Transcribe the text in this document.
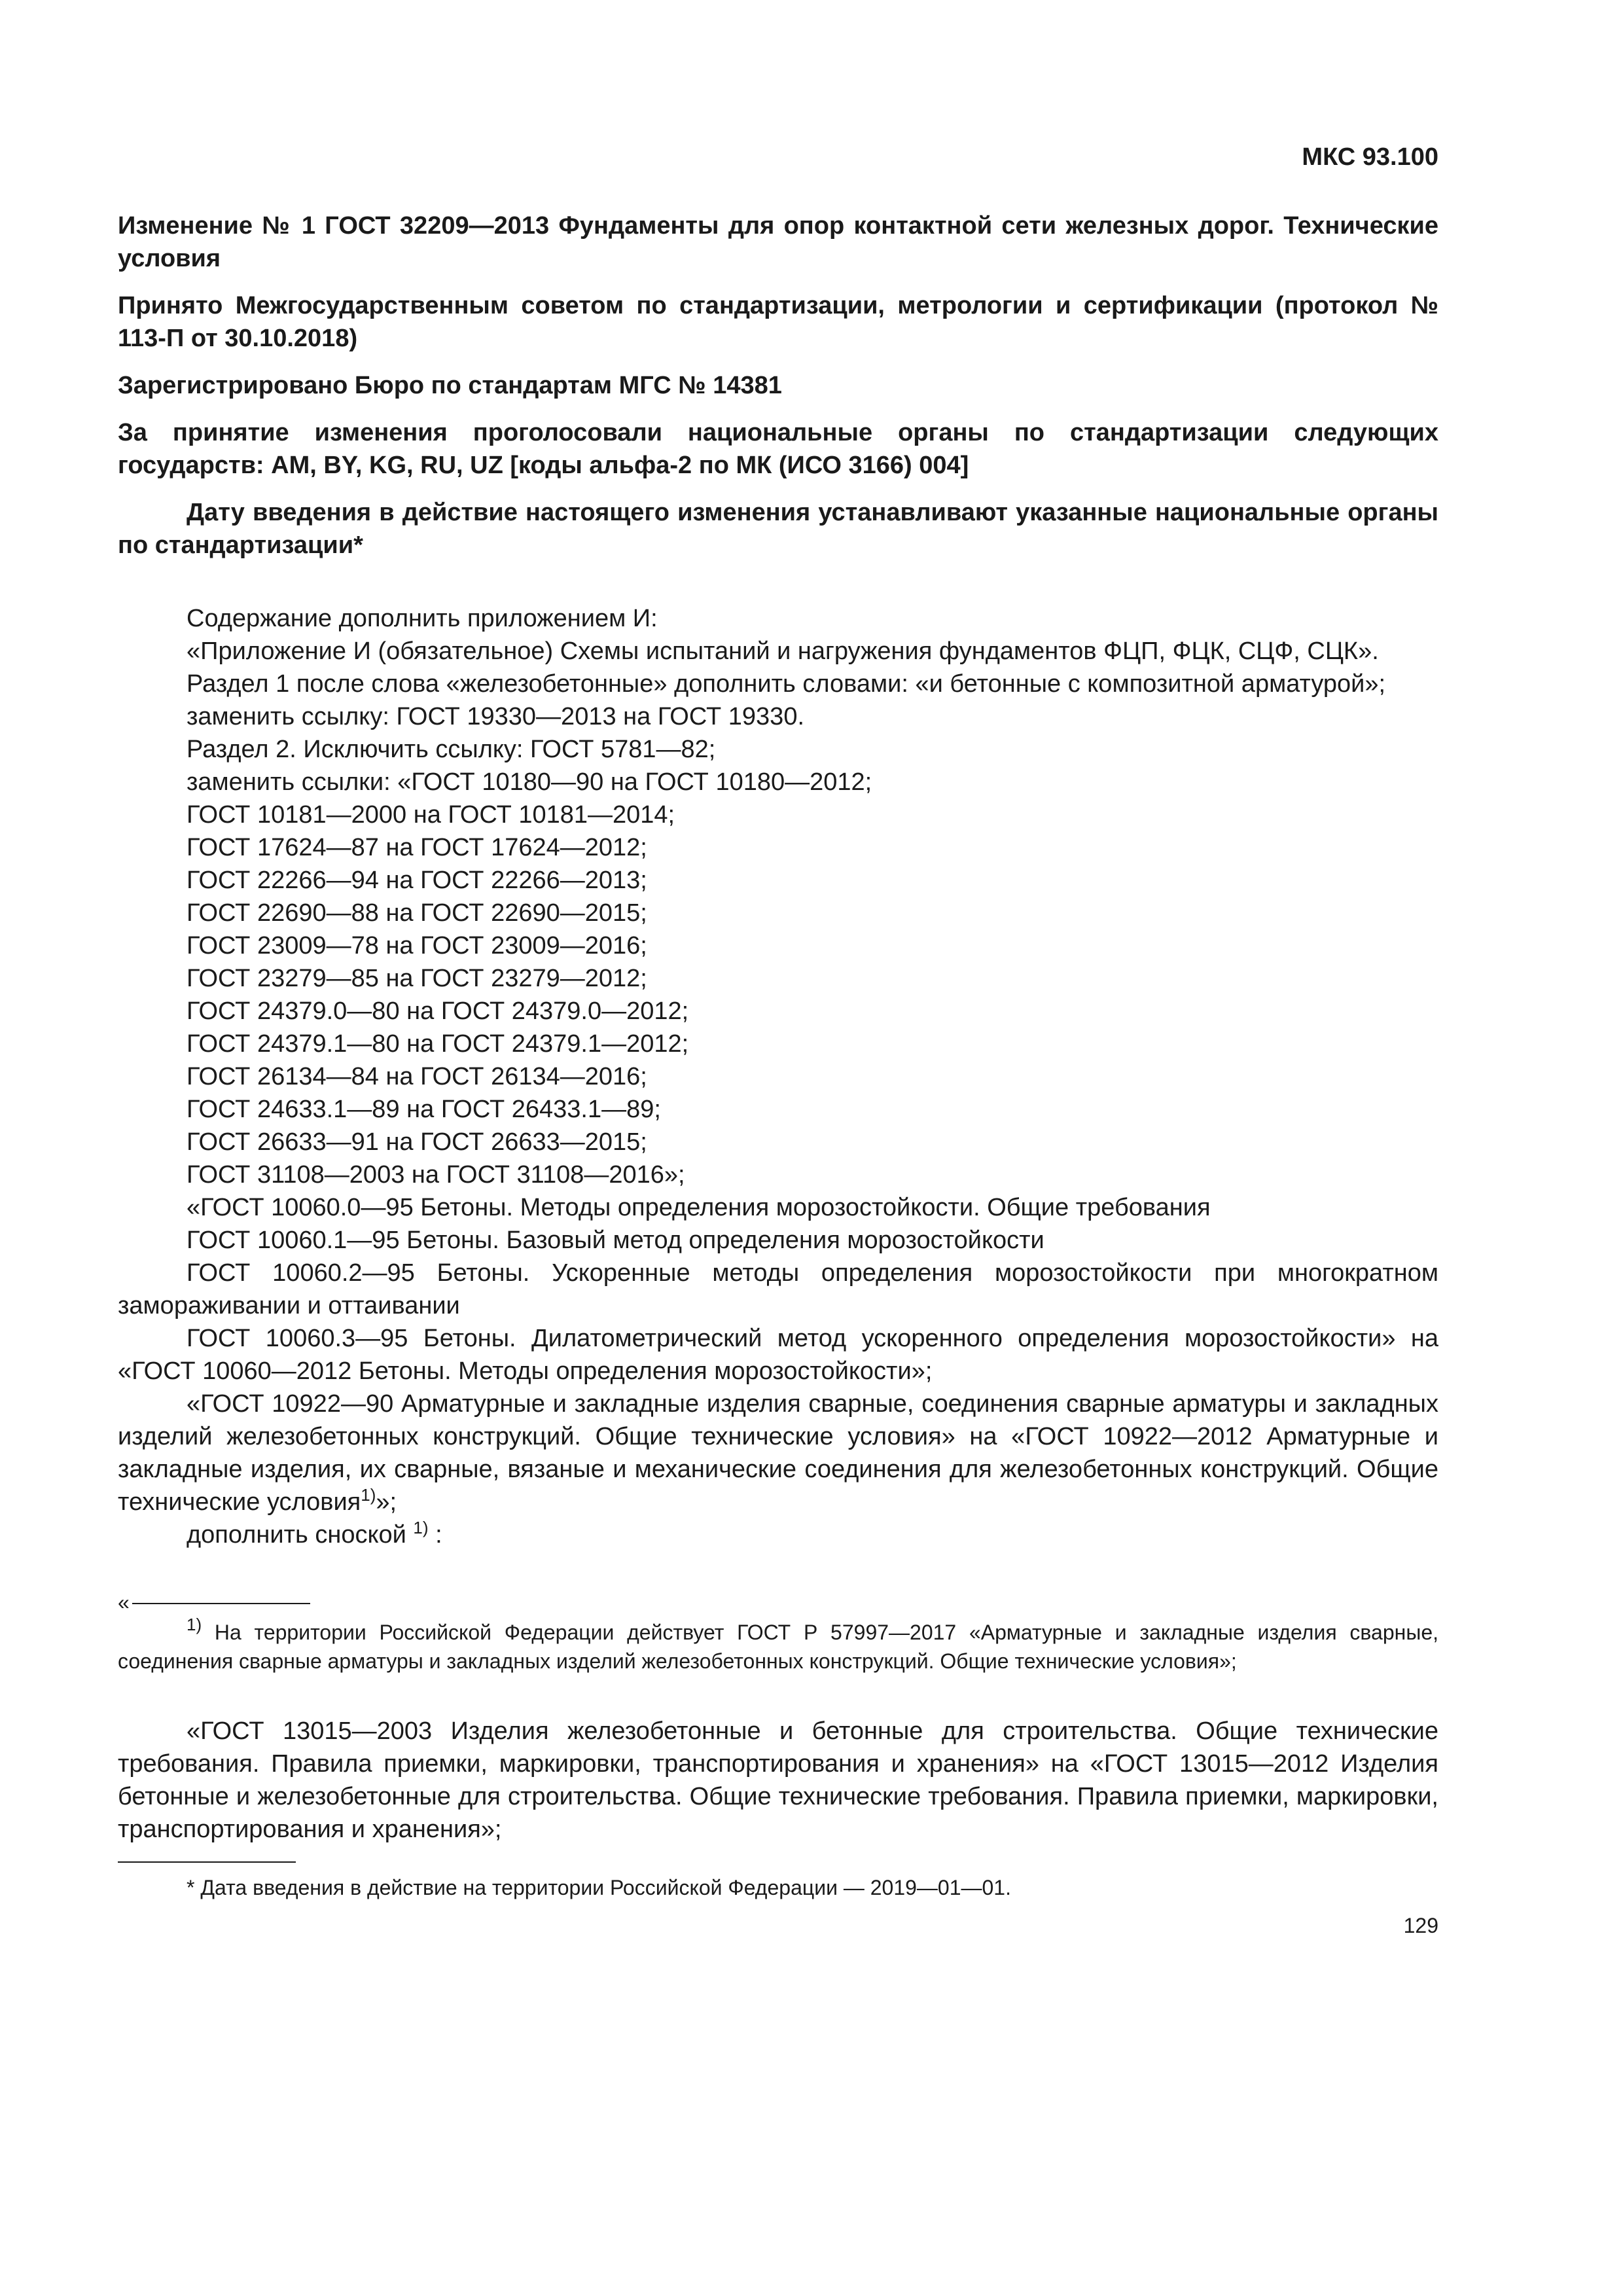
МКС 93.100

Изменение № 1 ГОСТ 32209—2013 Фундаменты для опор контактной сети железных дорог. Технические условия

Принято Межгосударственным советом по стандартизации, метрологии и сертификации (протокол № 113-П от 30.10.2018)

Зарегистрировано Бюро по стандартам МГС № 14381

За принятие изменения проголосовали национальные органы по стандартизации следующих государств: AM, BY, KG, RU, UZ [коды альфа-2 по МК (ИСО 3166) 004]

Дату введения в действие настоящего изменения устанавливают указанные национальные органы по стандартизации*

Содержание дополнить приложением И:

«Приложение И (обязательное) Схемы испытаний и нагружения фундаментов ФЦП, ФЦК, СЦФ, СЦК».

Раздел 1 после слова «железобетонные» дополнить словами: «и бетонные с композитной арматурой»;

заменить ссылку: ГОСТ 19330—2013 на ГОСТ 19330.

Раздел 2. Исключить ссылку: ГОСТ 5781—82;

заменить ссылки: «ГОСТ 10180—90 на ГОСТ 10180—2012;

ГОСТ 10181—2000 на ГОСТ 10181—2014;

ГОСТ 17624—87 на ГОСТ 17624—2012;

ГОСТ 22266—94 на ГОСТ 22266—2013;

ГОСТ 22690—88 на ГОСТ 22690—2015;

ГОСТ 23009—78 на ГОСТ 23009—2016;

ГОСТ 23279—85 на ГОСТ 23279—2012;

ГОСТ 24379.0—80 на ГОСТ 24379.0—2012;

ГОСТ 24379.1—80 на ГОСТ 24379.1—2012;

ГОСТ 26134—84 на ГОСТ 26134—2016;

ГОСТ 24633.1—89 на ГОСТ 26433.1—89;

ГОСТ 26633—91 на ГОСТ 26633—2015;

ГОСТ 31108—2003 на ГОСТ 31108—2016»;

«ГОСТ 10060.0—95 Бетоны. Методы определения морозостойкости. Общие требования

ГОСТ 10060.1—95 Бетоны. Базовый метод определения морозостойкости

ГОСТ 10060.2—95 Бетоны. Ускоренные методы определения морозостойкости при многократном замораживании и оттаивании

ГОСТ 10060.3—95 Бетоны. Дилатометрический метод ускоренного определения морозостойкости» на «ГОСТ 10060—2012 Бетоны. Методы определения морозостойкости»;

«ГОСТ 10922—90 Арматурные и закладные изделия сварные, соединения сварные арматуры и закладных изделий железобетонных конструкций. Общие технические условия» на «ГОСТ 10922—2012 Арматурные и закладные изделия, их сварные, вязаные и механические соединения для железобетонных конструкций. Общие технические условия$^{1)}$»;

дополнить сноской $^{1)}$ :

«

$^{1)}$ На территории Российской Федерации действует ГОСТ Р 57997—2017 «Арматурные и закладные изделия сварные, соединения сварные арматуры и закладных изделий железобетонных конструкций. Общие технические условия»;

«ГОСТ 13015—2003 Изделия железобетонные и бетонные для строительства. Общие технические требования. Правила приемки, маркировки, транспортирования и хранения» на «ГОСТ 13015—2012 Изделия бетонные и железобетонные для строительства. Общие технические требования. Правила приемки, маркировки, транспортирования и хранения»;

* Дата введения в действие на территории Российской Федерации — 2019—01—01.

129
